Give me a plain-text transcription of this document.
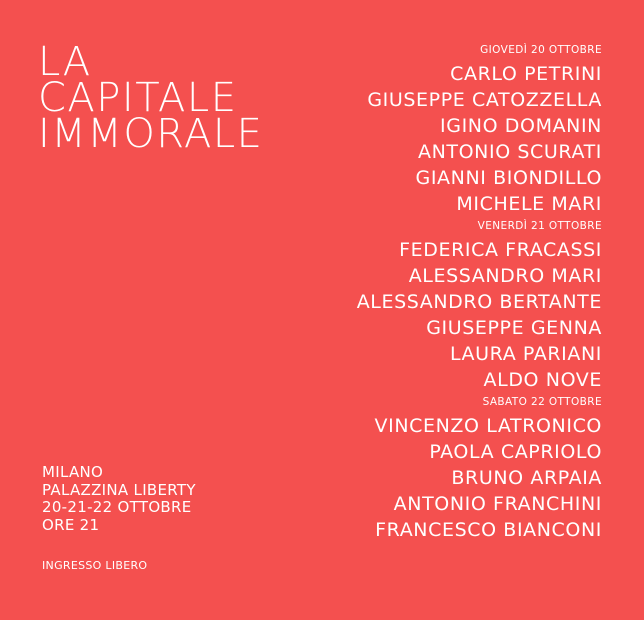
LA
CAPITALE
IMMORALE
MILANO
PALAZZINA LIBERTY
20-21-22 OTTOBRE
ORE 21
INGRESSO LIBERO
GIOVEDÌ 20 OTTOBRE
CARLO PETRINI
GIUSEPPE CATOZZELLA
IGINO DOMANIN
ANTONIO SCURATI
GIANNI BIONDILLO
MICHELE MARI
VENERDÌ 21 OTTOBRE
FEDERICA FRACASSI
ALESSANDRO MARI
ALESSANDRO BERTANTE
GIUSEPPE GENNA
LAURA PARIANI
ALDO NOVE
SABATO 22 OTTOBRE
VINCENZO LATRONICO
PAOLA CAPRIOLO
BRUNO ARPAIA
ANTONIO FRANCHINI
FRANCESCO BIANCONI
